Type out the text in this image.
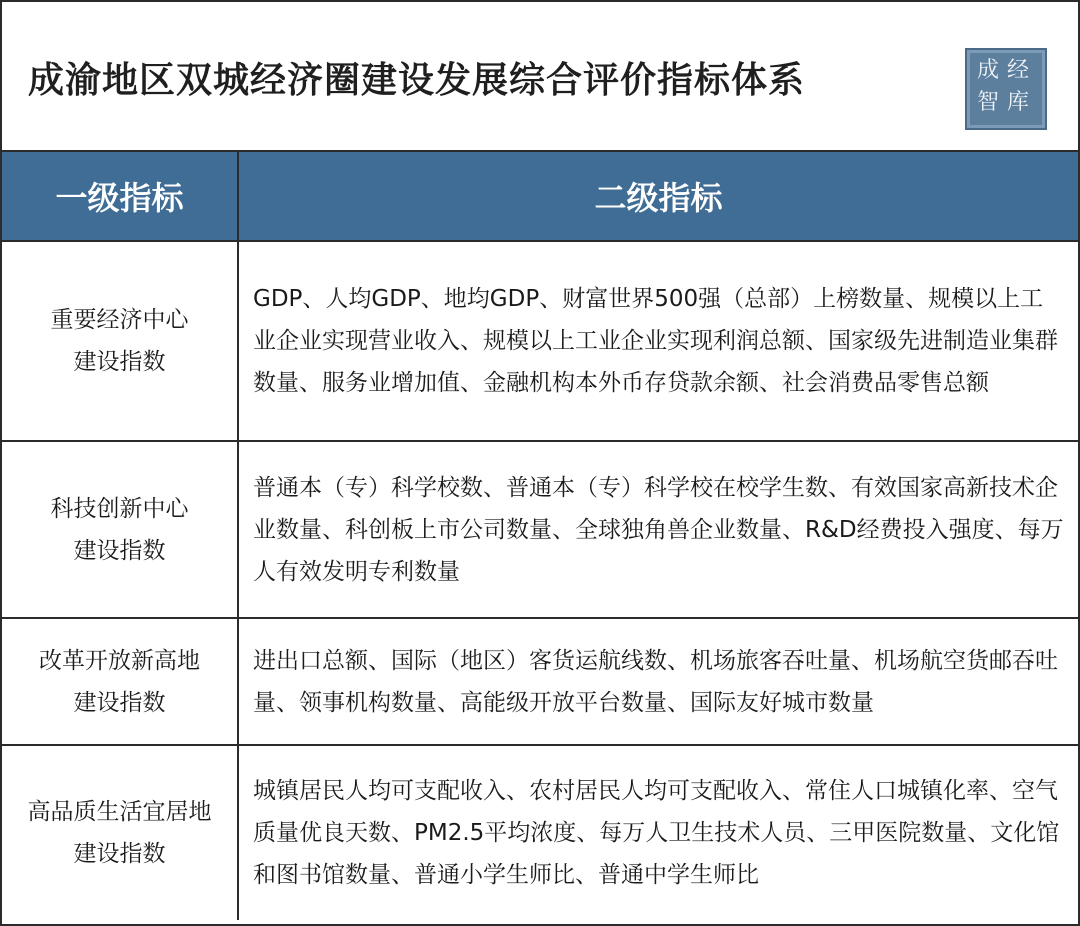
成渝地区双城经济圈建设发展综合评价指标体系	成 经
智 库
一级指标	二级指标

重要经济中心
建设指数	GDP、人均GDP、地均GDP、财富世界500强（总部）上榜数量、规模以上工业企业实现营业收入、规模以上工业企业实现利润总额、国家级先进制造业集群数量、服务业增加值、金融机构本外币存贷款余额、社会消费品零售总额

科技创新中心
建设指数	普通本（专）科学校数、普通本（专）科学校在校学生数、有效国家高新技术企业数量、科创板上市公司数量、全球独角兽企业数量、R&D经费投入强度、每万人有效发明专利数量

改革开放新高地
建设指数	进出口总额、国际（地区）客货运航线数、机场旅客吞吐量、机场航空货邮吞吐量、领事机构数量、高能级开放平台数量、国际友好城市数量

高品质生活宜居地
建设指数	城镇居民人均可支配收入、农村居民人均可支配收入、常住人口城镇化率、空气质量优良天数、PM2.5平均浓度、每万人卫生技术人员、三甲医院数量、文化馆和图书馆数量、普通小学生师比、普通中学生师比
